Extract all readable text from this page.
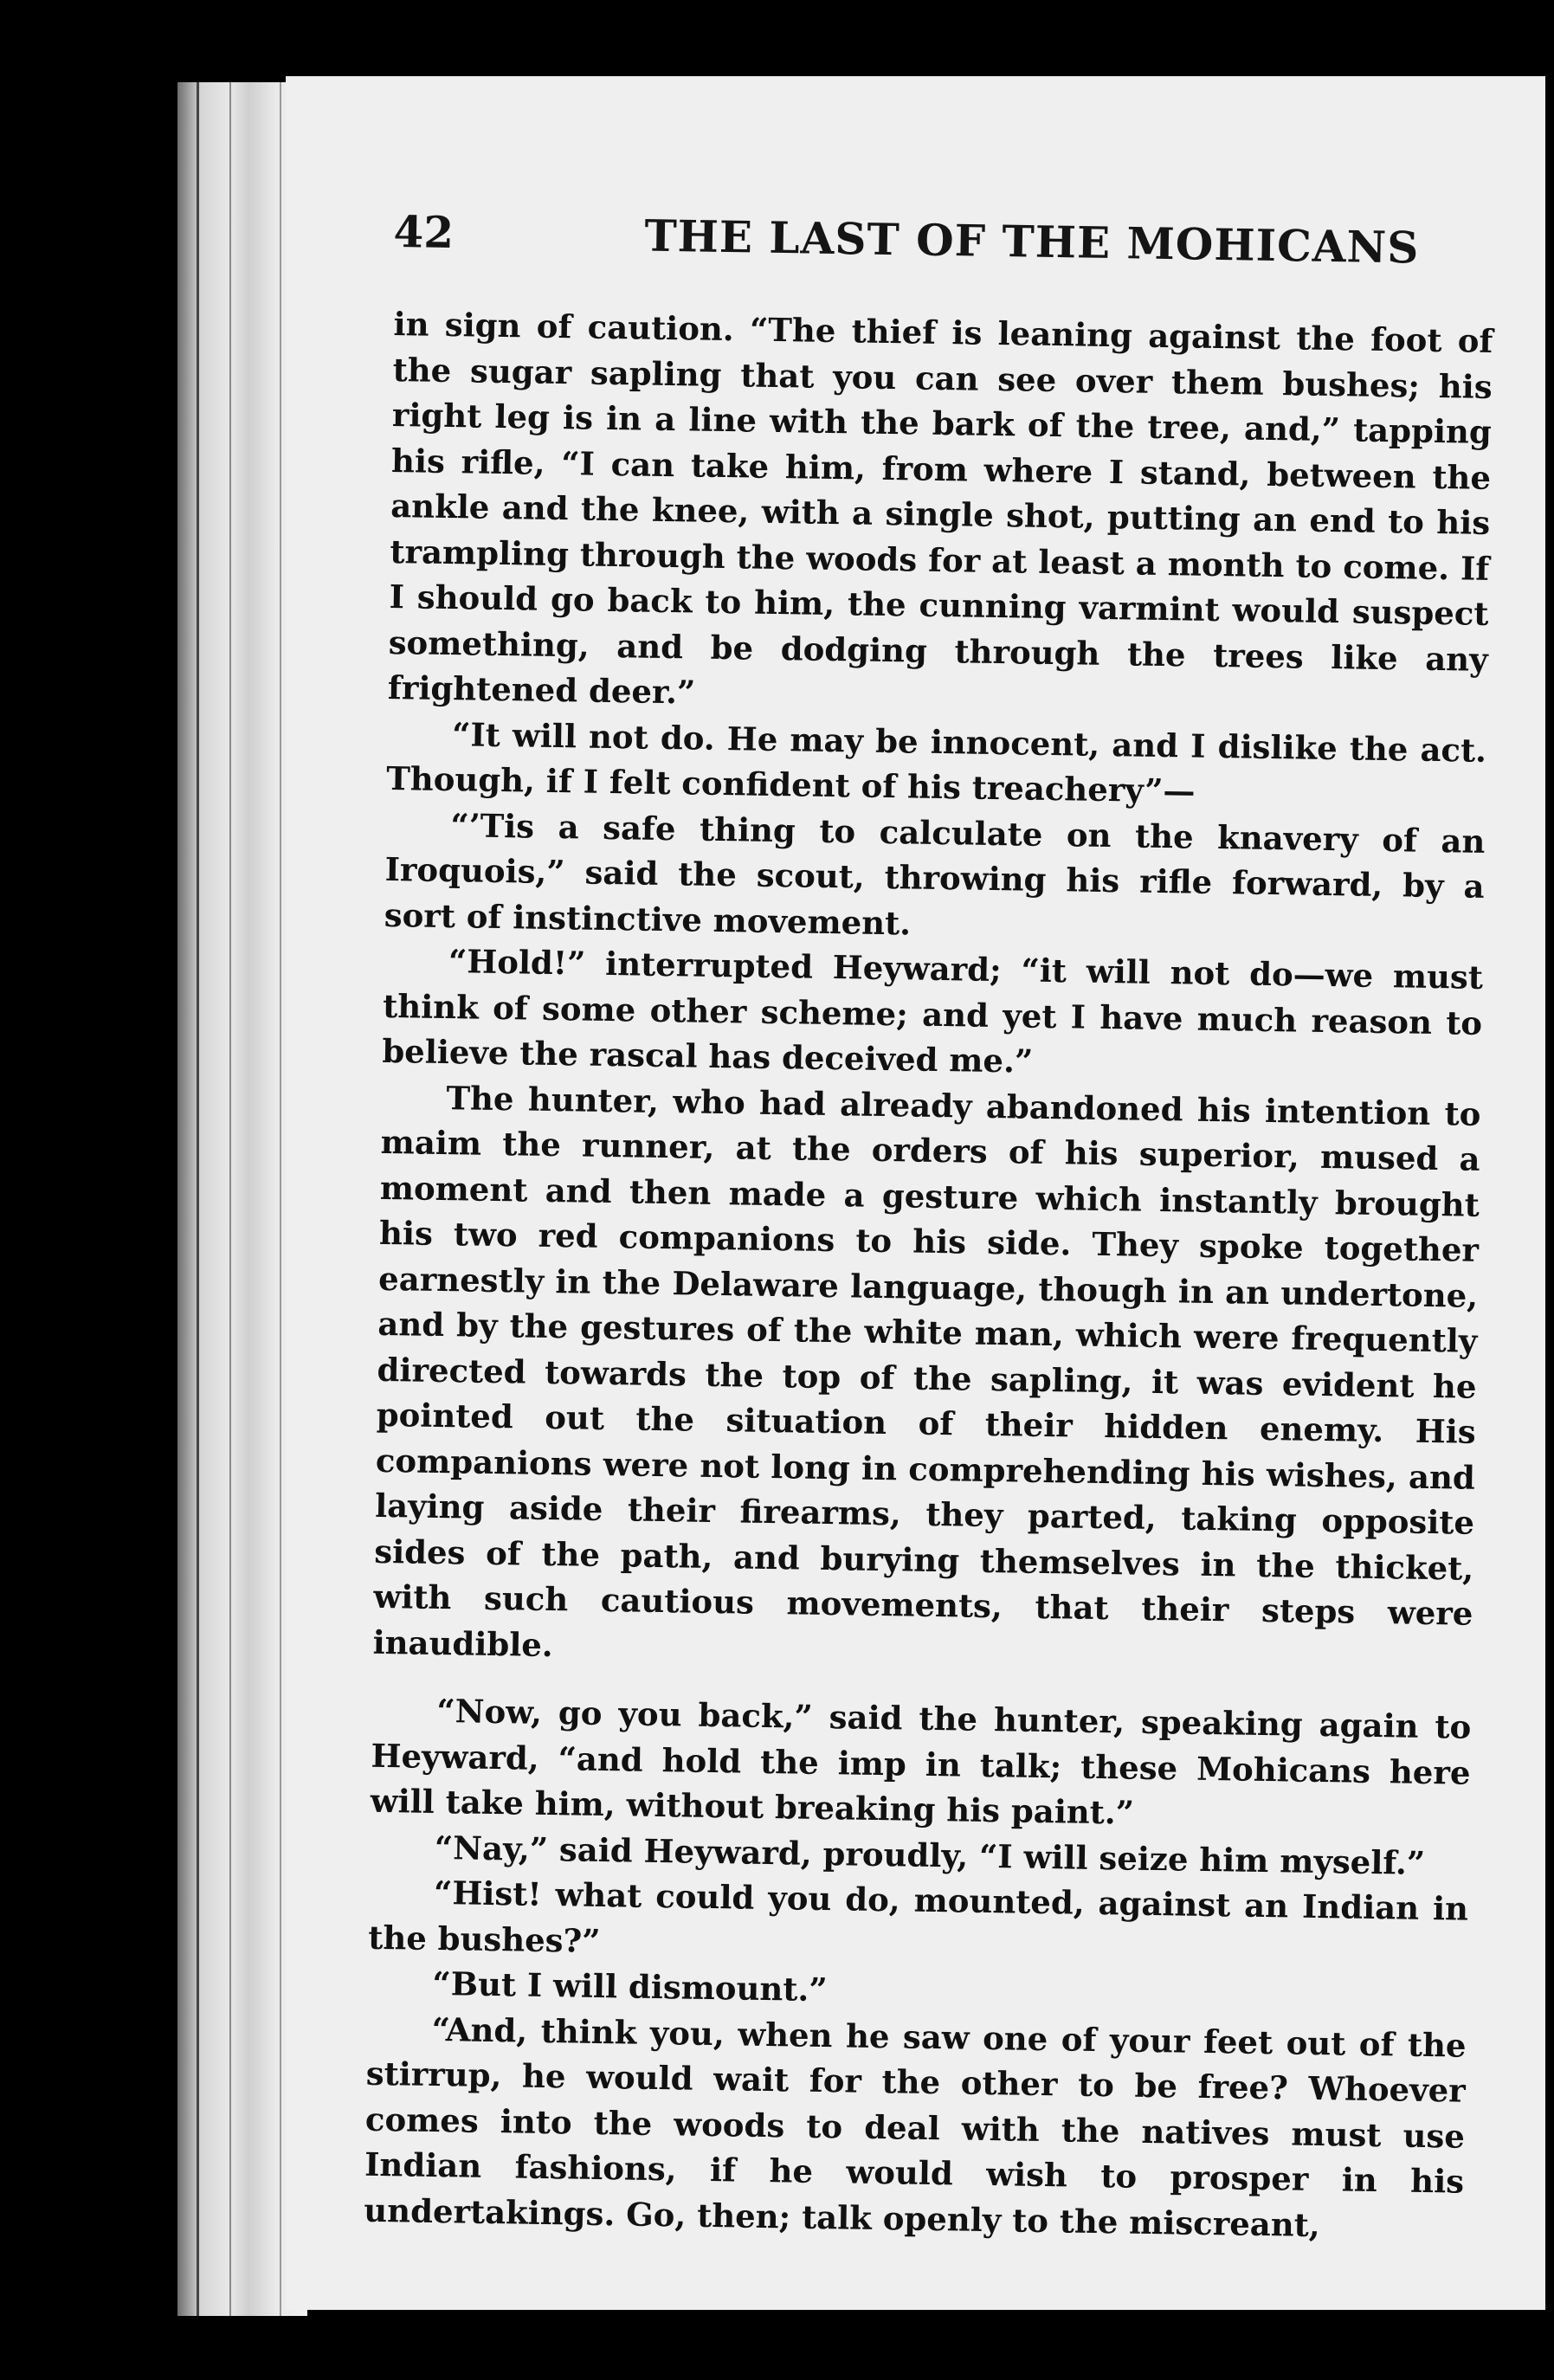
42	THE LAST OF THE MOHICANS

in sign of caution. “The thief is leaning against the foot of the sugar sapling that you can see over them bushes; his right leg is in a line with the bark of the tree, and,” tapping his rifle, “I can take him, from where I stand, between the ankle and the knee, with a single shot, putting an end to his trampling through the woods for at least a month to come. If I should go back to him, the cunning varmint would suspect something, and be dodging through the trees like any frightened deer.”

“It will not do. He may be innocent, and I dislike the act. Though, if I felt confident of his treachery”—

“’Tis a safe thing to calculate on the knavery of an Iroquois,” said the scout, throwing his rifle forward, by a sort of instinctive movement.

“Hold!” interrupted Heyward; “it will not do—we must think of some other scheme; and yet I have much reason to believe the rascal has deceived me.”

The hunter, who had already abandoned his intention to maim the runner, at the orders of his superior, mused a moment and then made a gesture which instantly brought his two red companions to his side. They spoke together earnestly in the Delaware language, though in an undertone, and by the gestures of the white man, which were frequently directed towards the top of the sapling, it was evident he pointed out the situation of their hidden enemy. His companions were not long in comprehending his wishes, and laying aside their firearms, they parted, taking opposite sides of the path, and burying themselves in the thicket, with such cautious movements, that their steps were inaudible.

“Now, go you back,” said the hunter, speaking again to Heyward, “and hold the imp in talk; these Mohicans here will take him, without breaking his paint.”

“Nay,” said Heyward, proudly, “I will seize him myself.”

“Hist! what could you do, mounted, against an Indian in the bushes?”

“But I will dismount.”

“And, think you, when he saw one of your feet out of the stirrup, he would wait for the other to be free? Whoever comes into the woods to deal with the natives must use Indian fashions, if he would wish to prosper in his undertakings. Go, then; talk openly to the miscreant,
